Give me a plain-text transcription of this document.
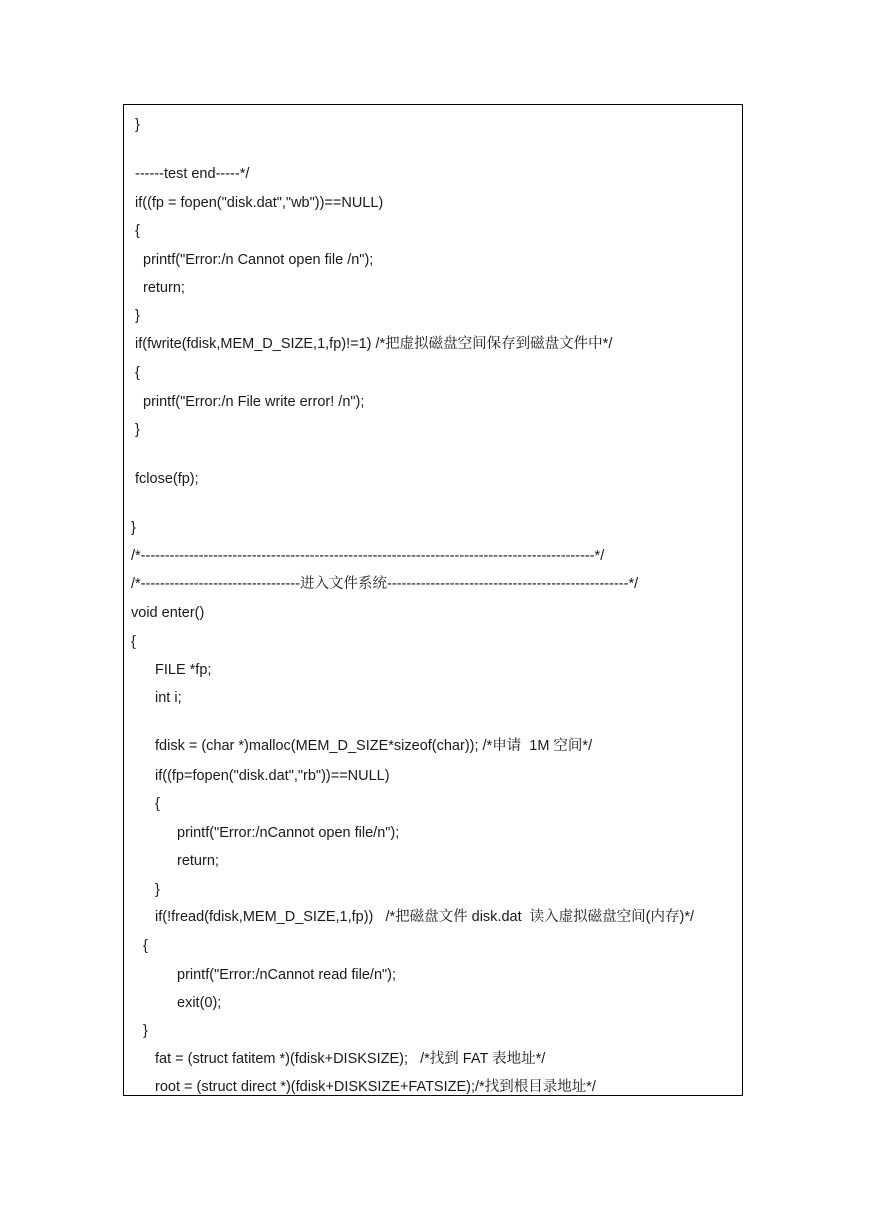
}
------test end-----*/
if((fp = fopen("disk.dat","wb"))==NULL)
{
printf("Error:/n Cannot open file /n");
return;
}
if(fwrite(fdisk,MEM_D_SIZE,1,fp)!=1) /*把虚拟磁盘空间保存到磁盘文件中*/
{
printf("Error:/n File write error! /n");
}
fclose(fp);
}
/*----------------------------------------------------------------------------------------------*/
/*---------------------------------进入文件系统--------------------------------------------------*/
void enter()
{
FILE *fp;
int i;
fdisk = (char *)malloc(MEM_D_SIZE*sizeof(char)); /*申请  1M 空间*/
if((fp=fopen("disk.dat","rb"))==NULL)
{
printf("Error:/nCannot open file/n");
return;
}
if(!fread(fdisk,MEM_D_SIZE,1,fp))   /*把磁盘文件 disk.dat  读入虚拟磁盘空间(内存)*/
{
printf("Error:/nCannot read file/n");
exit(0);
}
fat = (struct fatitem *)(fdisk+DISKSIZE);   /*找到 FAT 表地址*/
root = (struct direct *)(fdisk+DISKSIZE+FATSIZE);/*找到根目录地址*/
